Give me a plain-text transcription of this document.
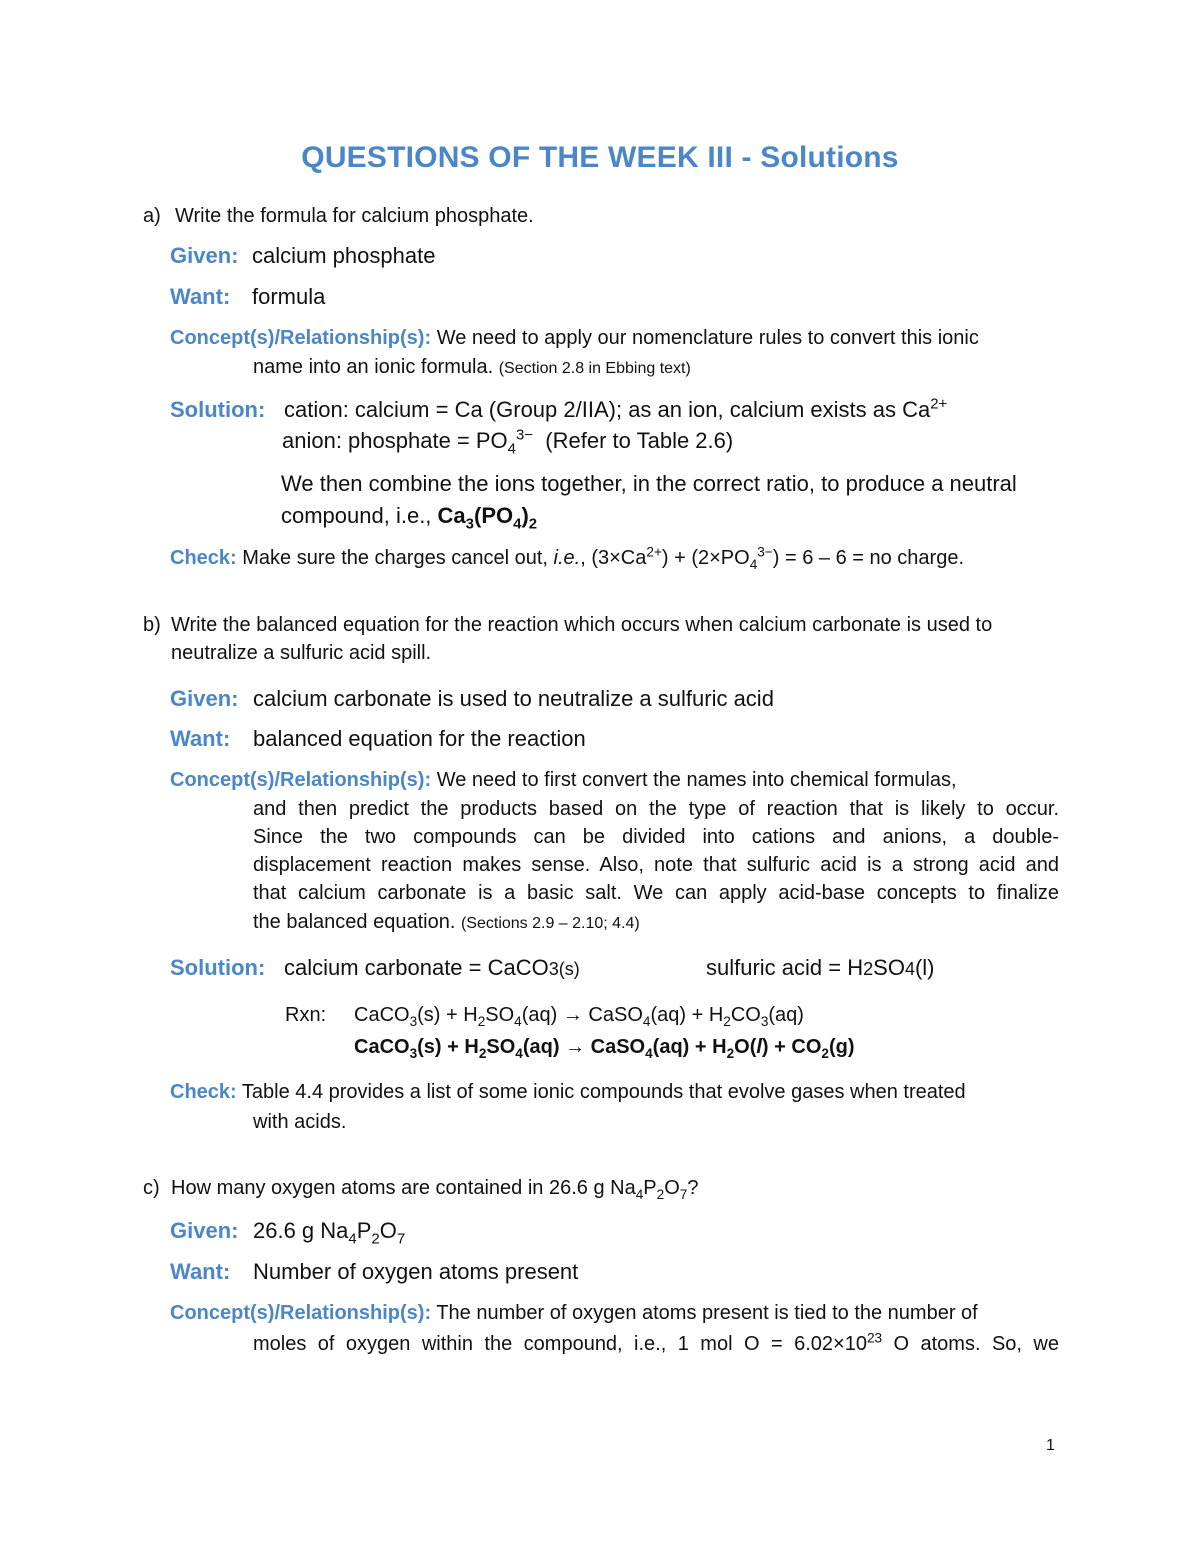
QUESTIONS OF THE WEEK III - Solutions
a) Write the formula for calcium phosphate.
Given: calcium phosphate
Want: formula
Concept(s)/Relationship(s): We need to apply our nomenclature rules to convert this ionic
name into an ionic formula. (Section 2.8 in Ebbing text)
Solution: cation: calcium = Ca (Group 2/IIA); as an ion, calcium exists as $Ca^{2+}$
anion: phosphate = $PO_4^{3-}$ (Refer to Table 2.6)
We then combine the ions together, in the correct ratio, to produce a neutral
compound, i.e., $Ca_3(PO_4)_2$
Check: Make sure the charges cancel out, i.e., $(3\times Ca^{2+}) + (2\times PO_4^{3-}) = 6 - 6$ = no charge.
b) Write the balanced equation for the reaction which occurs when calcium carbonate is used to
neutralize a sulfuric acid spill.
Given: calcium carbonate is used to neutralize a sulfuric acid
Want: balanced equation for the reaction
Concept(s)/Relationship(s): We need to first convert the names into chemical formulas,
and then predict the products based on the type of reaction that is likely to occur.
Since the two compounds can be divided into cations and anions, a double-
displacement reaction makes sense. Also, note that sulfuric acid is a strong acid and
that calcium carbonate is a basic salt. We can apply acid-base concepts to finalize
the balanced equation. (Sections 2.9 – 2.10; 4.4)
Solution: calcium carbonate = CaCO3(s)	sulfuric acid = H2SO4(l)
Rxn: CaCO$_3$(s) + $H_2SO_4(aq)$ → CaSO$_4$(aq) + $H_2CO_3(aq)$
CaCO$_3$(s) + $H_2SO_4(aq)$ → CaSO$_4$(aq) + $H_2O(l) + CO_2(g)$
Check: Table 4.4 provides a list of some ionic compounds that evolve gases when treated
with acids.
c) How many oxygen atoms are contained in 26.6 g $Na_4P_2O_7$?
Given: 26.6 g $Na_4P_2O_7$
Want: Number of oxygen atoms present
Concept(s)/Relationship(s): The number of oxygen atoms present is tied to the number of
moles of oxygen within the compound, i.e., 1 mol $O = 6.02\times 10^{23}$ O atoms. So, we
1
